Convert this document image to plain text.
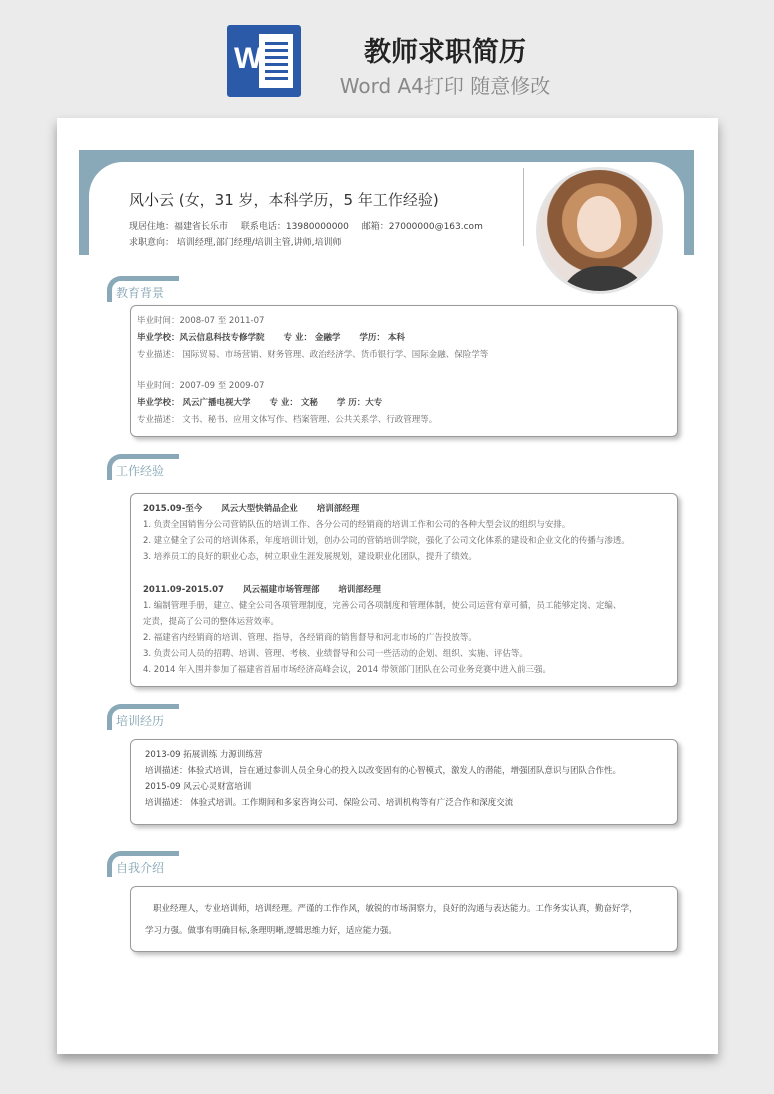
W	教师求职简历
Word A4打印 随意修改
风小云 (女，31 岁，本科学历，5 年工作经验)
现居住地：福建省长乐市 联系电话：13980000000 邮箱：27000000@163.com
求职意向： 培训经理,部门经理/培训主管,讲师,培训师
教育背景
毕业时间：2008-07 至 2011-07
毕业学校：风云信息科技专修学院 专 业： 金融学 学历： 本科
专业描述： 国际贸易、市场营销、财务管理、政治经济学、货币银行学、国际金融、保险学等
毕业时间：2007-09 至 2009-07
毕业学校： 风云广播电视大学 专 业： 文秘 学 历：大专
专业描述： 文书、秘书、应用文体写作、档案管理、公共关系学、行政管理等。
工作经验
2015.09-至今 风云大型快销品企业 培训部经理
1. 负责全国销售分公司营销队伍的培训工作、各分公司的经销商的培训工作和公司的各种大型会议的组织与安排。
2. 建立健全了公司的培训体系，年度培训计划，创办公司的营销培训学院，强化了公司文化体系的建设和企业文化的传播与渗透。
3. 培养员工的良好的职业心态，树立职业生涯发展规划，建设职业化团队，提升了绩效。
2011.09-2015.07 风云福建市场管理部 培训部经理
1. 编制管理手册，建立、健全公司各项管理制度，完善公司各项制度和管理体制，使公司运营有章可循，员工能够定岗、定编、
定责，提高了公司的整体运营效率。
2. 福建省内经销商的培训、管理、指导，各经销商的销售督导和河北市场的广告投放等。
3. 负责公司人员的招聘、培训、管理、考核、业绩督导和公司一些活动的企划、组织、实施、评估等。
4. 2014 年入围并参加了福建省首届市场经济高峰会议，2014 带领部门团队在公司业务竞赛中进入前三强。
培训经历
2013-09 拓展训练 力源训练营
培训描述：体验式培训，旨在通过参训人员全身心的投入以改变固有的心智模式，激发人的潜能，增强团队意识与团队合作性。
2015-09 风云心灵财富培训
培训描述： 体验式培训。工作期间和多家咨询公司、保险公司、培训机构等有广泛合作和深度交流
自我介绍
职业经理人，专业培训师，培训经理。严谨的工作作风，敏锐的市场洞察力，良好的沟通与表达能力。工作务实认真，勤奋好学，
学习力强。做事有明确目标,条理明晰,逻辑思维力好，适应能力强。
